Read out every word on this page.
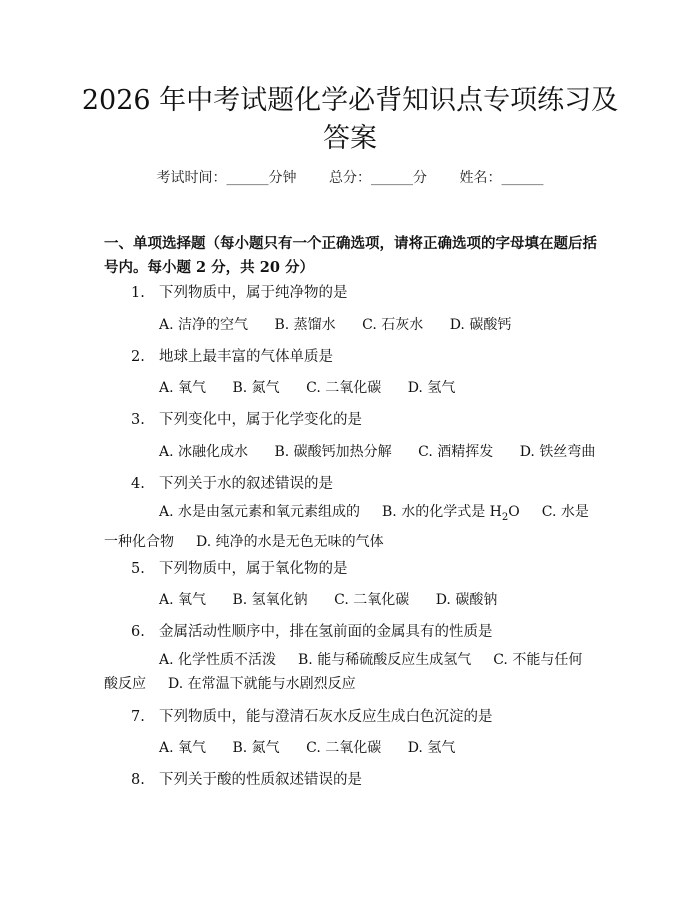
2026 年中考试题化学必背知识点专项练习及
答案
考试时间：______分钟 总分：______分 姓名：______
一、单项选择题（每小题只有一个正确选项，请将正确选项的字母填在题后括号内。每小题 2 分，共 20 分）
1. 下列物质中，属于纯净物的是
A. 洁净的空气 B. 蒸馏水 C. 石灰水 D. 碳酸钙
2. 地球上最丰富的气体单质是
A. 氧气 B. 氮气 C. 二氧化碳 D. 氢气
3. 下列变化中，属于化学变化的是
A. 冰融化成水 B. 碳酸钙加热分解 C. 酒精挥发 D. 铁丝弯曲
4. 下列关于水的叙述错误的是
A. 水是由氢元素和氧元素组成的 B. 水的化学式是 $H_2O$ C. 水是一种化合物 D. 纯净的水是无色无味的气体
5. 下列物质中，属于氧化物的是
A. 氧气 B. 氢氧化钠 C. 二氧化碳 D. 碳酸钠
6. 金属活动性顺序中，排在氢前面的金属具有的性质是
A. 化学性质不活泼 B. 能与稀硫酸反应生成氢气 C. 不能与任何酸反应 D. 在常温下就能与水剧烈反应
7. 下列物质中，能与澄清石灰水反应生成白色沉淀的是
A. 氧气 B. 氮气 C. 二氧化碳 D. 氢气
8. 下列关于酸的性质叙述错误的是
